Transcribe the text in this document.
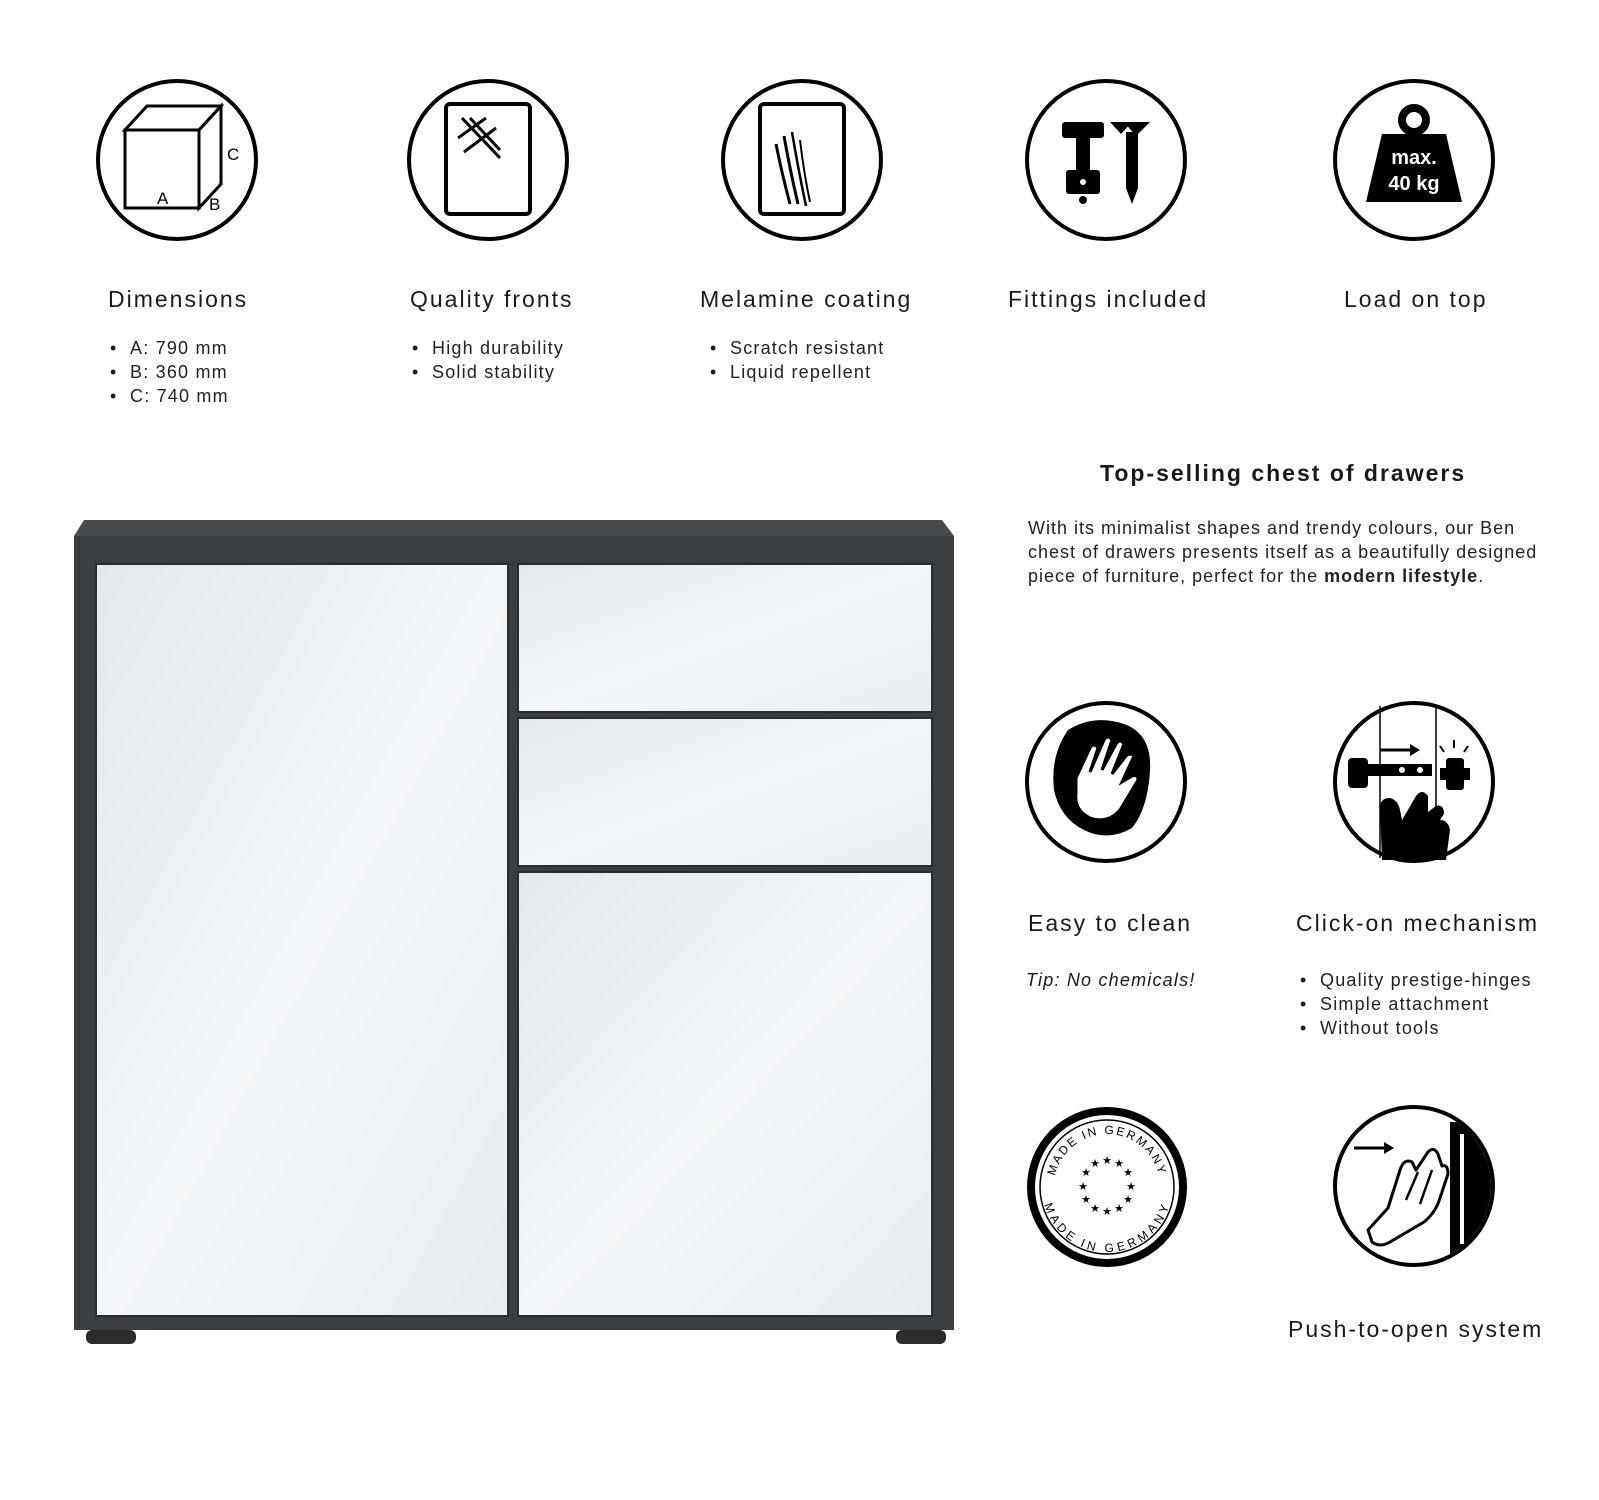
A B
C	max.
40 kg
Dimensions
• A: 790 mm
• B: 360 mm
• C: 740 mm
Quality fronts
• High durability
• Solid stability
Melamine coating
• Scratch resistant
• Liquid repellent
Fittings included	Load on top
Top-selling chest of drawers

With its minimalist shapes and trendy colours, our Ben chest of drawers presents itself as a beautifully designed piece of furniture, perfect for the modern lifestyle.

Easy to clean
Tip: No chemicals!
Click-on mechanism
• Quality prestige-hinges
• Simple attachment
• Without tools
MADE IN GERMANY
MADE IN GERMANY
★ ★
★
★
★
★
★
★
★
★
★
★
Push-to-open system
